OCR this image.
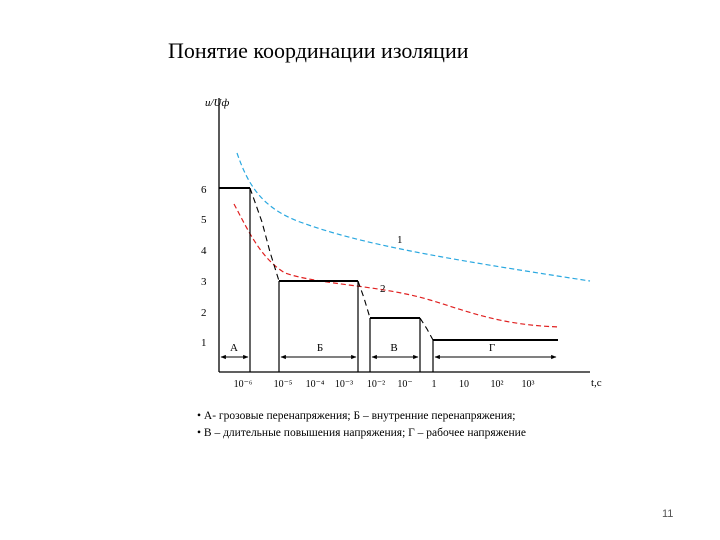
Понятие координации изоляции
u/Uф
t,c
1
2
3
4
5
6
10⁻⁶ 10⁻⁵ 10⁻⁴ 10⁻³ 10⁻² 10⁻ 1 10 10² 10³
1
2
А	Б	В	Г

• А- грозовые перенапряжения; Б – внутренние перенапряжения;

• В – длительные повышения напряжения; Г – рабочее напряжение

11
